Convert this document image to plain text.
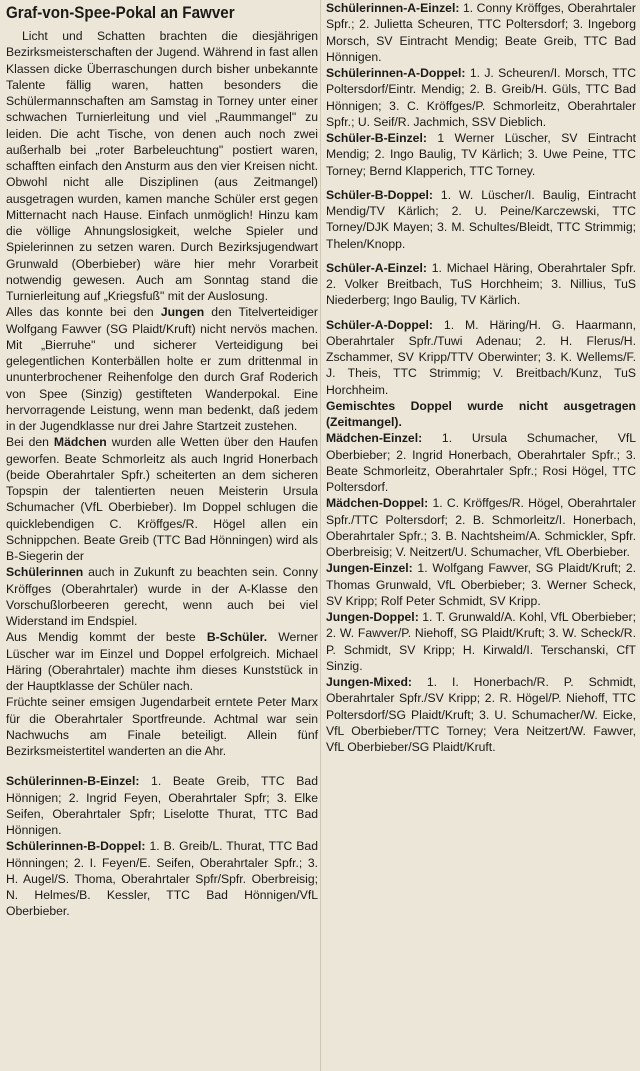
Graf-von-Spee-Pokal an Fawver

Licht und Schatten brachten die diesjährigen Bezirksmeisterschaften der Jugend. Während in fast allen Klassen dicke Überraschungen durch bisher unbekannte Talente fällig waren, hatten besonders die Schülermannschaften am Samstag in Torney unter einer schwachen Turnierleitung und viel „Raummangel" zu leiden. Die acht Tische, von denen auch noch zwei außerhalb bei „roter Barbeleuchtung" postiert waren, schafften einfach den Ansturm aus den vier Kreisen nicht. Obwohl nicht alle Disziplinen (aus Zeitmangel) ausgetragen wurden, kamen manche Schüler erst gegen Mitternacht nach Hause. Einfach unmöglich! Hinzu kam die völlige Ahnungslosigkeit, welche Spieler und Spielerinnen zu setzen waren. Durch Bezirksjugendwart Grunwald (Oberbieber) wäre hier mehr Vorarbeit notwendig gewesen. Auch am Sonntag stand die Turnierleitung auf „Kriegsfuß" mit der Auslosung.

Alles das konnte bei den Jungen den Titelverteidiger Wolfgang Fawver (SG Plaidt/Kruft) nicht nervös machen. Mit „Bierruhe" und sicherer Verteidigung bei gelegentlichen Konterbällen holte er zum drittenmal in ununterbrochener Reihenfolge den durch Graf Roderich von Spee (Sinzig) gestifteten Wanderpokal. Eine hervorragende Leistung, wenn man bedenkt, daß jedem in der Jugendklasse nur drei Jahre Startzeit zustehen.

Bei den Mädchen wurden alle Wetten über den Haufen geworfen. Beate Schmorleitz als auch Ingrid Honerbach (beide Oberahrtaler Spfr.) scheiterten an dem sicheren Topspin der talentierten neuen Meisterin Ursula Schumacher (VfL Oberbieber). Im Doppel schlugen die quicklebendigen C. Kröffges/R. Högel allen ein Schnippchen. Beate Greib (TTC Bad Hönningen) wird als B-Siegerin der

Schülerinnen auch in Zukunft zu beachten sein. Conny Kröffges (Oberahrtaler) wurde in der A-Klasse den Vorschußlorbeeren gerecht, wenn auch bei viel Widerstand im Endspiel.

Aus Mendig kommt der beste B-Schüler. Werner Lüscher war im Einzel und Doppel erfolgreich. Michael Häring (Oberahrtaler) machte ihm dieses Kunststück in der Hauptklasse der Schüler nach.

Früchte seiner emsigen Jugendarbeit erntete Peter Marx für die Oberahrtaler Sportfreunde. Achtmal war sein Nachwuchs am Finale beteiligt. Allein fünf Bezirksmeistertitel wanderten an die Ahr.

Schülerinnen-B-Einzel: 1. Beate Greib, TTC Bad Hönnigen; 2. Ingrid Feyen, Oberahrtaler Spfr; 3. Elke Seifen, Oberahrtaler Spfr; Liselotte Thurat, TTC Bad Hönnigen.

Schülerinnen-B-Doppel: 1. B. Greib/L. Thurat, TTC Bad Hönningen; 2. I. Feyen/E. Seifen, Oberahrtaler Spfr.; 3. H. Augel/S. Thoma, Oberahrtaler Spfr/Spfr. Oberbreisig; N. Helmes/B. Kessler, TTC Bad Hönnigen/VfL Oberbieber.

Schülerinnen-A-Einzel: 1. Conny Kröffges, Oberahrtaler Spfr.; 2. Julietta Scheuren, TTC Poltersdorf; 3. Ingeborg Morsch, SV Eintracht Mendig; Beate Greib, TTC Bad Hönnigen.

Schülerinnen-A-Doppel: 1. J. Scheuren/I. Morsch, TTC Poltersdorf/Eintr. Mendig; 2. B. Greib/H. Güls, TTC Bad Hönnigen; 3. C. Kröffges/P. Schmorleitz, Oberahrtaler Spfr.; U. Seif/R. Jachmich, SSV Dieblich.

Schüler-B-Einzel: 1 Werner Lüscher, SV Eintracht Mendig; 2. Ingo Baulig, TV Kärlich; 3. Uwe Peine, TTC Torney; Bernd Klapperich, TTC Torney.

Schüler-B-Doppel: 1. W. Lüscher/I. Baulig, Eintracht Mendig/TV Kärlich; 2. U. Peine/Karczewski, TTC Torney/DJK Mayen; 3. M. Schultes/Bleidt, TTC Strimmig; Thelen/Knopp.

Schüler-A-Einzel: 1. Michael Häring, Oberahrtaler Spfr. 2. Volker Breitbach, TuS Horchheim; 3. Nillius, TuS Niederberg; Ingo Baulig, TV Kärlich.

Schüler-A-Doppel: 1. M. Häring/H. G. Haarmann, Oberahrtaler Spfr./Tuwi Adenau; 2. H. Flerus/H. Zschammer, SV Kripp/TTV Oberwinter; 3. K. Wellems/F. J. Theis, TTC Strimmig; V. Breitbach/Kunz, TuS Horchheim.

Gemischtes Doppel wurde nicht ausgetragen (Zeitmangel).

Mädchen-Einzel: 1. Ursula Schumacher, VfL Oberbieber; 2. Ingrid Honerbach, Oberahrtaler Spfr.; 3. Beate Schmorleitz, Oberahrtaler Spfr.; Rosi Högel, TTC Poltersdorf.

Mädchen-Doppel: 1. C. Kröffges/R. Högel, Oberahrtaler Spfr./TTC Poltersdorf; 2. B. Schmorleitz/I. Honerbach, Oberahrtaler Spfr.; 3. B. Nachtsheim/A. Schmickler, Spfr. Oberbreisig; V. Neitzert/U. Schumacher, VfL Oberbieber.

Jungen-Einzel: 1. Wolfgang Fawver, SG Plaidt/Kruft; 2. Thomas Grunwald, VfL Oberbieber; 3. Werner Scheck, SV Kripp; Rolf Peter Schmidt, SV Kripp.

Jungen-Doppel: 1. T. Grunwald/A. Kohl, VfL Oberbieber; 2. W. Fawver/P. Niehoff, SG Plaidt/Kruft; 3. W. Scheck/R. P. Schmidt, SV Kripp; H. Kirwald/I. Terschanski, CfT Sinzig.

Jungen-Mixed: 1. I. Honerbach/R. P. Schmidt, Oberahrtaler Spfr./SV Kripp; 2. R. Högel/P. Niehoff, TTC Poltersdorf/SG Plaidt/Kruft; 3. U. Schumacher/W. Eicke, VfL Oberbieber/TTC Torney; Vera Neitzert/W. Fawver, VfL Oberbieber/SG Plaidt/Kruft.
